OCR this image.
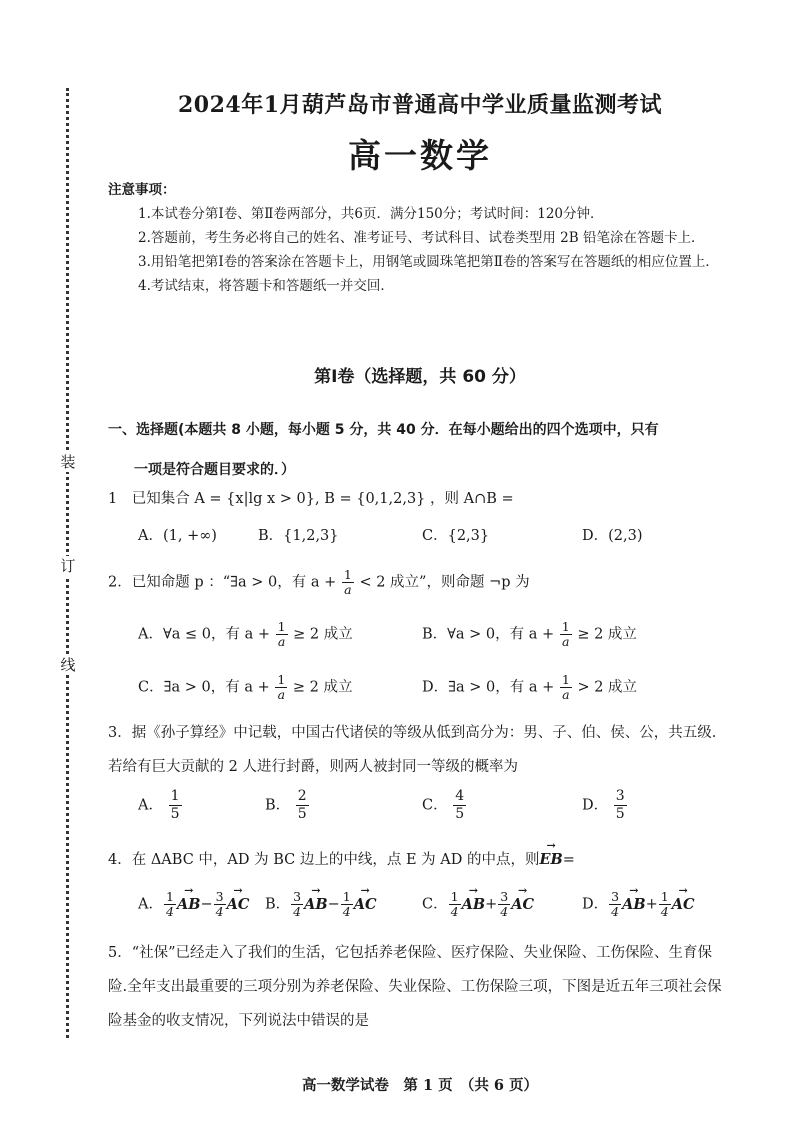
装
订
线
2024年1月葫芦岛市普通高中学业质量监测考试
高一数学
注意事项：
1.本试卷分第Ⅰ卷、第Ⅱ卷两部分，共6页．满分150分；考试时间：120分钟．
2.答题前，考生务必将自己的姓名、准考证号、考试科目、试卷类型用 2B 铅笔涂在答题卡上．
3.用铅笔把第Ⅰ卷的答案涂在答题卡上，用钢笔或圆珠笔把第Ⅱ卷的答案写在答题纸的相应位置上．
4.考试结束，将答题卡和答题纸一并交回．
第Ⅰ卷（选择题，共 60 分）
一、选择题(本题共 8 小题，每小题 5 分，共 40 分．在每小题给出的四个选项中，只有
一项是符合题目要求的．）
1　已知集合 A = {x|lg x > 0}, B = {0,1,2,3} ，则 A∩B =
A．(1, +∞)	B．{1,2,3}	C．{2,3}	D．(2,3)
2．已知命题 p ：“∃a > 0，有 $a + \frac{1}{a} < 2$ 成立”，则命题 ¬p 为
A．∀a ≤ 0，有 $a + \frac{1}{a} \ge 2$ 成立	B．∀a > 0，有 $a + \frac{1}{a} \ge 2$ 成立
C．∃a > 0，有 $a + \frac{1}{a} \ge 2$ 成立	D．∃a > 0，有 $a + \frac{1}{a} > 2$ 成立
3．据《孙子算经》中记载，中国古代诸侯的等级从低到高分为：男、子、伯、侯、公，共五级.若给有巨大贡献的 2 人进行封爵，则两人被封同一等级的概率为
A． $\frac{1}{5}$	B． $\frac{2}{5}$	C． $\frac{4}{5}$	D． $\frac{3}{5}$
4．在 ΔABC 中，AD 为 BC 边上的中线，点 E 为 AD 的中点，则→ EB=
A． $\frac{1}{4}$
→ $AB- \frac{3}{4}$
→ AC B． $\frac{3}{4}$
→ $AB- \frac{1}{4}$
→ AC	C． $\frac{1}{4}$
→ $AB+ \frac{3}{4}$
→ AC	D． $\frac{3}{4}$
→ $AB+ \frac{1}{4}$
→ AC
5．“社保”已经走入了我们的生活，它包括养老保险、医疗保险、失业保险、工伤保险、生育保险.全年支出最重要的三项分别为养老保险、失业保险、工伤保险三项，下图是近五年三项社会保险基金的收支情况，下列说法中错误的是
高一数学试卷　第 1 页　（共 6 页）
